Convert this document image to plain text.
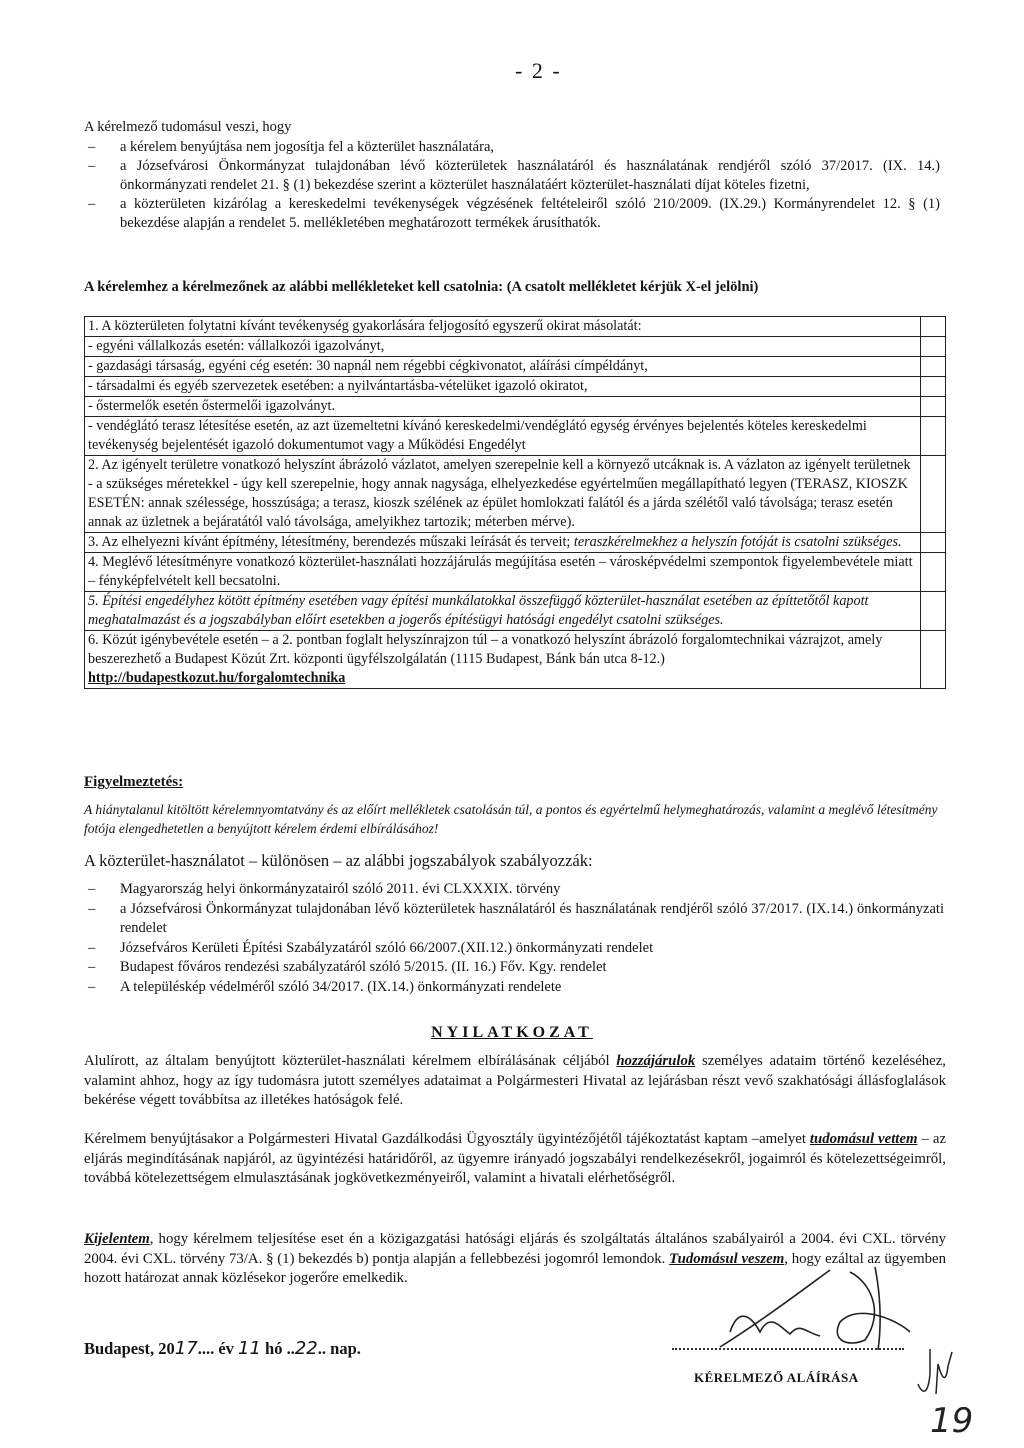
- 2 -
A kérelmező tudomásul veszi, hogy
– a kérelem benyújtása nem jogosítja fel a közterület használatára,
– a Józsefvárosi Önkormányzat tulajdonában lévő közterületek használatáról és használatának rendjéről szóló 37/2017. (IX. 14.) önkormányzati rendelet 21. § (1) bekezdése szerint a közterület használatáért közterület-használati díjat köteles fizetni,
– a közterületen kizárólag a kereskedelmi tevékenységek végzésének feltételeiről szóló 210/2009. (IX.29.) Kormányrendelet 12. § (1) bekezdése alapján a rendelet 5. mellékletében meghatározott termékek árusíthatók.
A kérelemhez a kérelmezőnek az alábbi mellékleteket kell csatolnia: (A csatolt mellékletet kérjük X-el jelölni)
1. A közterületen folytatni kívánt tevékenység gyakorlására feljogosító egyszerű okirat másolatát:	
- egyéni vállalkozás esetén: vállalkozói igazolványt,	
- gazdasági társaság, egyéni cég esetén: 30 napnál nem régebbi cégkivonatot, aláírási címpéldányt,	
- társadalmi és egyéb szervezetek esetében: a nyilvántartásba-vételüket igazoló okiratot,	
- őstermelők esetén őstermelői igazolványt.	
- vendéglátó terasz létesítése esetén, az azt üzemeltetni kívánó kereskedelmi/vendéglátó egység érvényes bejelentés köteles kereskedelmi tevékenység bejelentését igazoló dokumentumot vagy a Működési Engedélyt	
2. Az igényelt területre vonatkozó helyszínt ábrázoló vázlatot, amelyen szerepelnie kell a környező utcáknak is. A vázlaton az igényelt területnek - a szükséges méretekkel - úgy kell szerepelnie, hogy annak nagysága, elhelyezkedése egyértelműen megállapítható legyen (TERASZ, KIOSZK ESETÉN: annak szélessége, hosszúsága; a terasz, kioszk szélének az épület homlokzati falától és a járda szélétől való távolsága; terasz esetén annak az üzletnek a bejáratától való távolsága, amelyikhez tartozik; méterben mérve).	
3. Az elhelyezni kívánt építmény, létesítmény, berendezés műszaki leírását és terveit; teraszkérelmekhez a helyszín fotóját is csatolni szükséges.	
4. Meglévő létesítményre vonatkozó közterület-használati hozzájárulás megújítása esetén – városképvédelmi szempontok figyelembevétele miatt – fényképfelvételt kell becsatolni.	
5. Építési engedélyhez kötött építmény esetében vagy építési munkálatokkal összefüggő közterület-használat esetében az építtetőtől kapott meghatalmazást és a jogszabályban előírt esetekben a jogerős építésügyi hatósági engedélyt csatolni szükséges.	
6. Közút igénybevétele esetén – a 2. pontban foglalt helyszínrajzon túl – a vonatkozó helyszínt ábrázoló forgalomtechnikai vázrajzot, amely beszerezhető a Budapest Közút Zrt. központi ügyfélszolgálatán (1115 Budapest, Bánk bán utca 8-12.)
http://budapestkozut.hu/forgalomtechnika	
Figyelmeztetés:
A hiánytalanul kitöltött kérelemnyomtatvány és az előírt mellékletek csatolásán túl, a pontos és egyértelmű helymeghatározás, valamint a meglévő létesítmény fotója elengedhetetlen a benyújtott kérelem érdemi elbírálásához!
A közterület-használatot – különösen – az alábbi jogszabályok szabályozzák:
– Magyarország helyi önkormányzatairól szóló 2011. évi CLXXXIX. törvény
– a Józsefvárosi Önkormányzat tulajdonában lévő közterületek használatáról és használatának rendjéről szóló 37/2017. (IX.14.) önkormányzati rendelet
– Józsefváros Kerületi Építési Szabályzatáról szóló 66/2007.(XII.12.) önkormányzati rendelet
– Budapest főváros rendezési szabályzatáról szóló 5/2015. (II. 16.) Főv. Kgy. rendelet
– A településkép védelméről szóló 34/2017. (IX.14.) önkormányzati rendelete
NYILATKOZAT
Alulírott, az általam benyújtott közterület-használati kérelmem elbírálásának céljából hozzájárulok személyes adataim történő kezeléséhez, valamint ahhoz, hogy az így tudomásra jutott személyes adataimat a Polgármesteri Hivatal az lejárásban részt vevő szakhatósági állásfoglalások bekérése végett továbbítsa az illetékes hatóságok felé.
Kérelmem benyújtásakor a Polgármesteri Hivatal Gazdálkodási Ügyosztály ügyintézőjétől tájékoztatást kaptam –amelyet tudomásul vettem – az eljárás megindításának napjáról, az ügyintézési határidőről, az ügyemre irányadó jogszabályi rendelkezésekről, jogaimról és kötelezettségeimről, továbbá kötelezettségem elmulasztásának jogkövetkezményeiről, valamint a hivatali elérhetőségről.
Kijelentem, hogy kérelmem teljesítése eset én a közigazgatási hatósági eljárás és szolgáltatás általános szabályairól a 2004. évi CXL. törvény 2004. évi CXL. törvény 73/A. § (1) bekezdés b) pontja alapján a fellebbezési jogomról lemondok. Tudomásul veszem, hogy ezáltal az ügyemben hozott határozat annak közlésekor jogerőre emelkedik.
Budapest, 2017.... év 11 hó ..22.. nap.
KÉRELMEZŐ ALÁÍRÁSA
19
